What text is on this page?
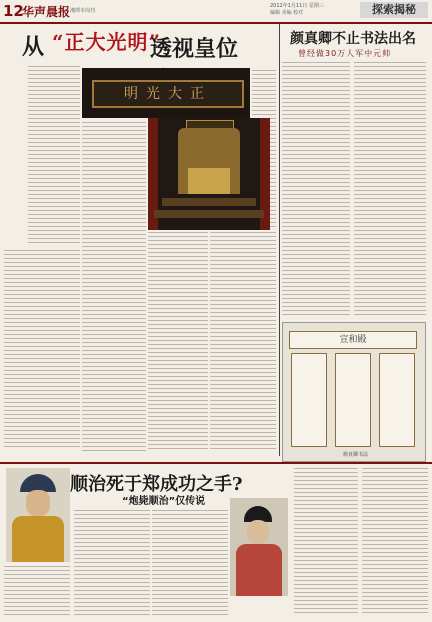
12
华声晨报 湘潭本周刊
2012年1月11日 星期三
编辑 美编 校对	探索揭秘
从 “正大光明”
透视皇位
明光大正
颜真卿不止书法出名
曾经做30万人军中元帅
宣和殿
颜真卿书法
顺治死于郑成功之手?
“炮毙顺治”仅传说
